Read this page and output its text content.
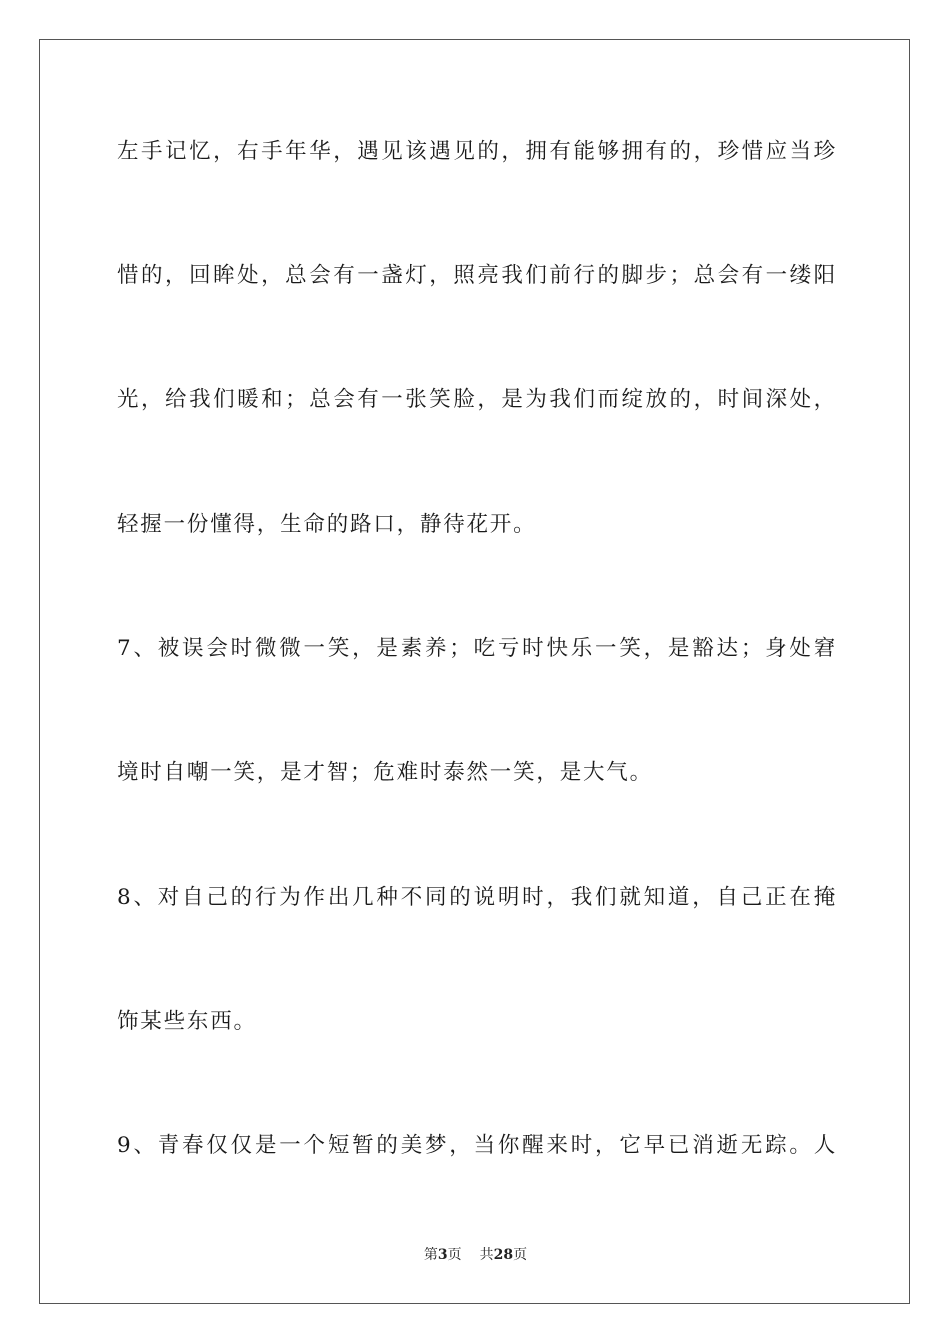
左手记忆，右手年华，遇见该遇见的，拥有能够拥有的，珍惜应当珍
惜的，回眸处，总会有一盏灯，照亮我们前行的脚步；总会有一缕阳
光，给我们暖和；总会有一张笑脸，是为我们而绽放的，时间深处，
轻握一份懂得，生命的路口，静待花开。
7、被误会时微微一笑，是素养；吃亏时快乐一笑，是豁达；身处窘
境时自嘲一笑，是才智；危难时泰然一笑，是大气。
8、对自己的行为作出几种不同的说明时，我们就知道，自己正在掩
饰某些东西。
9、青春仅仅是一个短暂的美梦，当你醒来时，它早已消逝无踪。人
第3页 共28页
